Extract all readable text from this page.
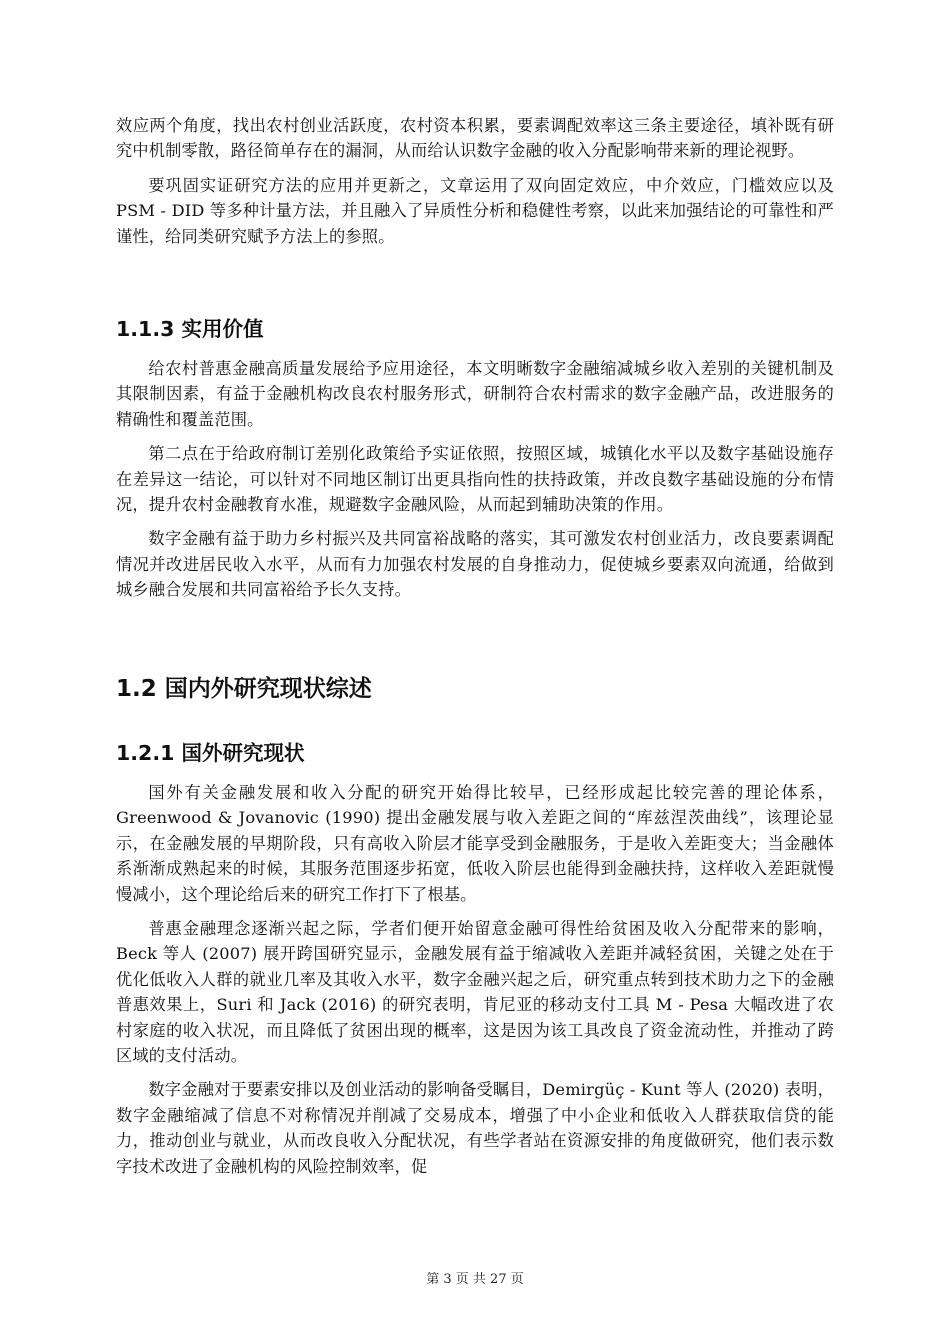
效应两个角度，找出农村创业活跃度，农村资本积累，要素调配效率这三条主要途径，填补既有研究中机制零散，路径简单存在的漏洞，从而给认识数字金融的收入分配影响带来新的理论视野。

要巩固实证研究方法的应用并更新之，文章运用了双向固定效应，中介效应，门槛效应以及 PSM - DID 等多种计量方法，并且融入了异质性分析和稳健性考察，以此来加强结论的可靠性和严谨性，给同类研究赋予方法上的参照。

1.1.3 实用价值

给农村普惠金融高质量发展给予应用途径，本文明晰数字金融缩减城乡收入差别的关键机制及其限制因素，有益于金融机构改良农村服务形式，研制符合农村需求的数字金融产品，改进服务的精确性和覆盖范围。

第二点在于给政府制订差别化政策给予实证依照，按照区域，城镇化水平以及数字基础设施存在差异这一结论，可以针对不同地区制订出更具指向性的扶持政策，并改良数字基础设施的分布情况，提升农村金融教育水准，规避数字金融风险，从而起到辅助决策的作用。

数字金融有益于助力乡村振兴及共同富裕战略的落实，其可激发农村创业活力，改良要素调配情况并改进居民收入水平，从而有力加强农村发展的自身推动力，促使城乡要素双向流通，给做到城乡融合发展和共同富裕给予长久支持。

1.2 国内外研究现状综述
1.2.1 国外研究现状

国外有关金融发展和收入分配的研究开始得比较早，已经形成起比较完善的理论体系，Greenwood & Jovanovic (1990) 提出金融发展与收入差距之间的“库兹涅茨曲线”，该理论显示，在金融发展的早期阶段，只有高收入阶层才能享受到金融服务，于是收入差距变大；当金融体系渐渐成熟起来的时候，其服务范围逐步拓宽，低收入阶层也能得到金融扶持，这样收入差距就慢慢减小，这个理论给后来的研究工作打下了根基。

普惠金融理念逐渐兴起之际，学者们便开始留意金融可得性给贫困及收入分配带来的影响，Beck 等人 (2007) 展开跨国研究显示，金融发展有益于缩减收入差距并减轻贫困，关键之处在于优化低收入人群的就业几率及其收入水平，数字金融兴起之后，研究重点转到技术助力之下的金融普惠效果上，Suri 和 Jack (2016) 的研究表明，肯尼亚的移动支付工具 M - Pesa 大幅改进了农村家庭的收入状况，而且降低了贫困出现的概率，这是因为该工具改良了资金流动性，并推动了跨区域的支付活动。

数字金融对于要素安排以及创业活动的影响备受瞩目，Demirgüç - Kunt 等人 (2020) 表明，数字金融缩减了信息不对称情况并削减了交易成本，增强了中小企业和低收入人群获取信贷的能力，推动创业与就业，从而改良收入分配状况，有些学者站在资源安排的角度做研究，他们表示数字技术改进了金融机构的风险控制效率，促

第 3 页 共 27 页
